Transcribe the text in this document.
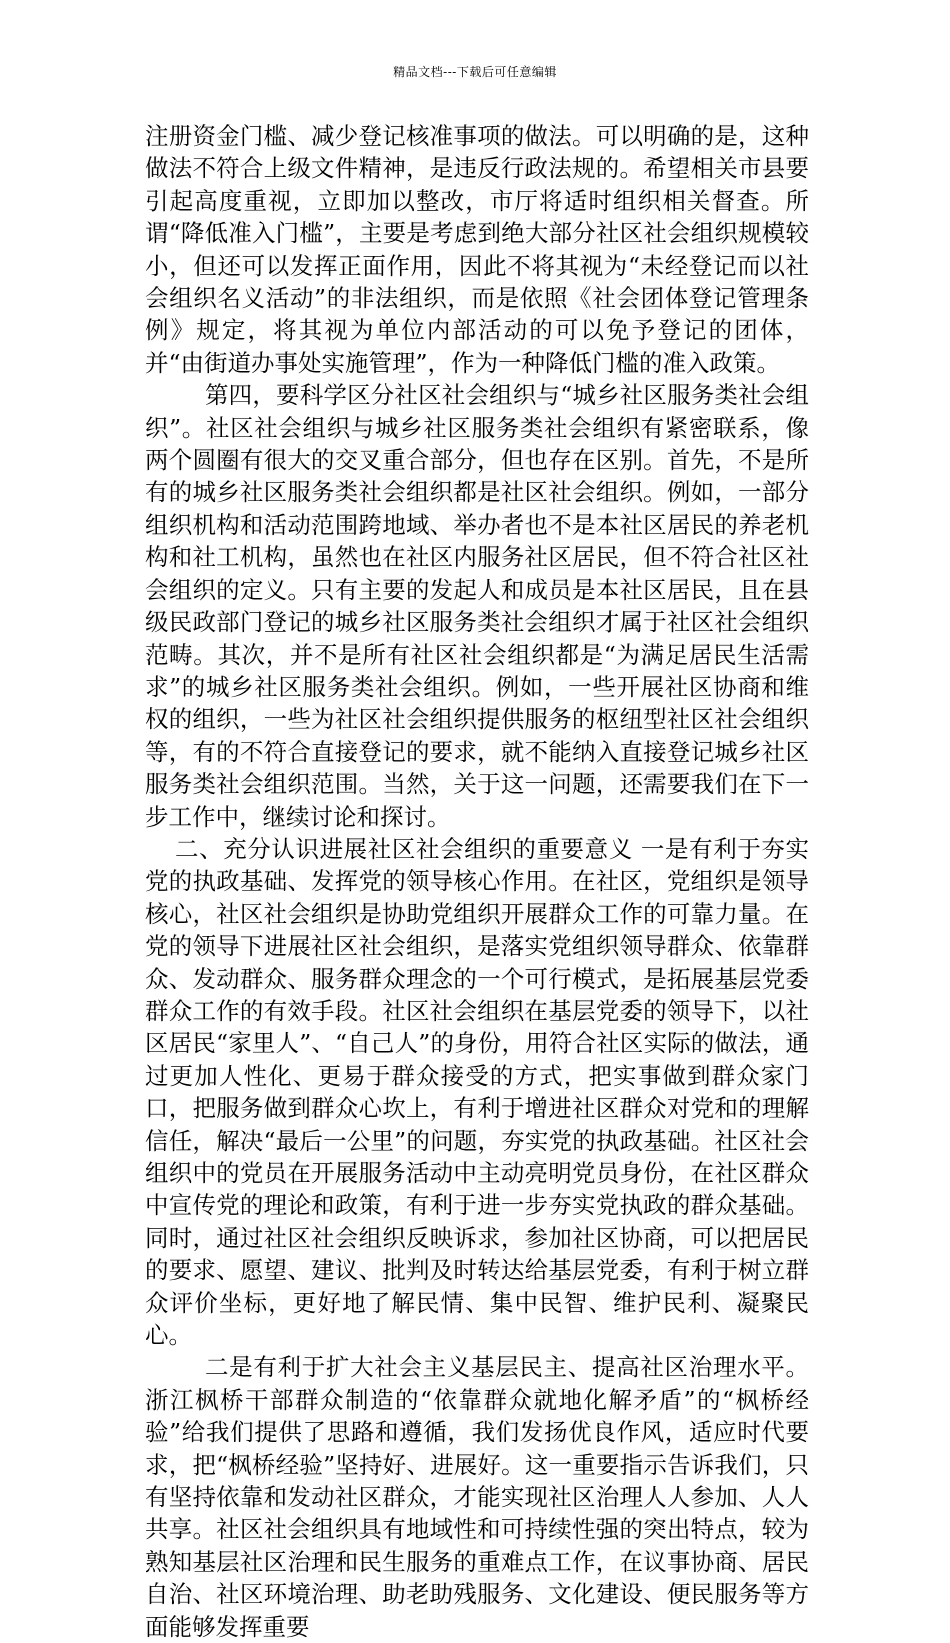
精品文档---下载后可任意编辑

注册资金门槛、减少登记核准事项的做法。可以明确的是，这种做法不符合上级文件精神，是违反行政法规的。希望相关市县要引起高度重视，立即加以整改，市厅将适时组织相关督查。所谓“降低准入门槛”，主要是考虑到绝大部分社区社会组织规模较小，但还可以发挥正面作用，因此不将其视为“未经登记而以社会组织名义活动”的非法组织，而是依照《社会团体登记管理条例》规定，将其视为单位内部活动的可以免予登记的团体，并“由街道办事处实施管理”，作为一种降低门槛的准入政策。

第四，要科学区分社区社会组织与“城乡社区服务类社会组织”。社区社会组织与城乡社区服务类社会组织有紧密联系，像两个圆圈有很大的交叉重合部分，但也存在区别。首先，不是所有的城乡社区服务类社会组织都是社区社会组织。例如，一部分组织机构和活动范围跨地域、举办者也不是本社区居民的养老机构和社工机构，虽然也在社区内服务社区居民，但不符合社区社会组织的定义。只有主要的发起人和成员是本社区居民，且在县级民政部门登记的城乡社区服务类社会组织才属于社区社会组织范畴。其次，并不是所有社区社会组织都是“为满足居民生活需求”的城乡社区服务类社会组织。例如，一些开展社区协商和维权的组织，一些为社区社会组织提供服务的枢纽型社区社会组织等，有的不符合直接登记的要求，就不能纳入直接登记城乡社区服务类社会组织范围。当然，关于这一问题，还需要我们在下一步工作中，继续讨论和探讨。

二、充分认识进展社区社会组织的重要意义 一是有利于夯实党的执政基础、发挥党的领导核心作用。在社区，党组织是领导核心，社区社会组织是协助党组织开展群众工作的可靠力量。在党的领导下进展社区社会组织，是落实党组织领导群众、依靠群众、发动群众、服务群众理念的一个可行模式，是拓展基层党委群众工作的有效手段。社区社会组织在基层党委的领导下，以社区居民“家里人”、“自己人”的身份，用符合社区实际的做法，通过更加人性化、更易于群众接受的方式，把实事做到群众家门口，把服务做到群众心坎上，有利于增进社区群众对党和的理解信任，解决“最后一公里”的问题，夯实党的执政基础。社区社会组织中的党员在开展服务活动中主动亮明党员身份，在社区群众中宣传党的理论和政策，有利于进一步夯实党执政的群众基础。同时，通过社区社会组织反映诉求，参加社区协商，可以把居民的要求、愿望、建议、批判及时转达给基层党委，有利于树立群众评价坐标，更好地了解民情、集中民智、维护民利、凝聚民心。

二是有利于扩大社会主义基层民主、提高社区治理水平。浙江枫桥干部群众制造的“依靠群众就地化解矛盾”的“枫桥经验”给我们提供了思路和遵循，我们发扬优良作风，适应时代要求，把“枫桥经验”坚持好、进展好。这一重要指示告诉我们，只有坚持依靠和发动社区群众，才能实现社区治理人人参加、人人共享。社区社会组织具有地域性和可持续性强的突出特点，较为熟知基层社区治理和民生服务的重难点工作，在议事协商、居民自治、社区环境治理、助老助残服务、文化建设、便民服务等方面能够发挥重要
